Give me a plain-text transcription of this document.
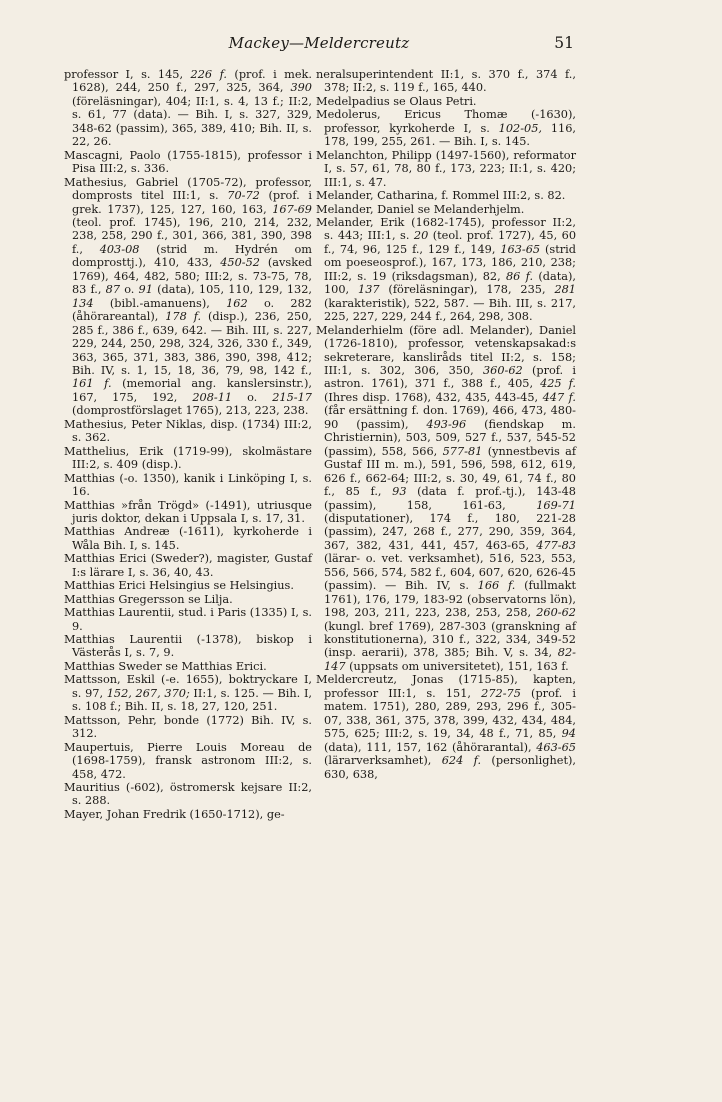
Mackey—Meldercreutz	51
professor I, s. 145, 226 f. (prof. i mek. 1628), 244, 250 f., 297, 325, 364, 390 (föreläsningar), 404; II:1, s. 4, 13 f.; II:2, s. 61, 77 (data). — Bih. I, s. 327, 329, 348-62 (passim), 365, 389, 410; Bih. II, s. 22, 26.
Mascagni, Paolo (1755-1815), professor i Pisa III:2, s. 336.
Mathesius, Gabriel (1705-72), professor, domprosts titel III:1, s. 70-72 (prof. i grek. 1737), 125, 127, 160, 163, 167-69 (teol. prof. 1745), 196, 210, 214, 232, 238, 258, 290 f., 301, 366, 381, 390, 398 f., 403-08 (strid m. Hydrén om domprosttj.), 410, 433, 450-52 (avsked 1769), 464, 482, 580; III:2, s. 73-75, 78, 83 f., 87 o. 91 (data), 105, 110, 129, 132, 134 (bibl.-amanuens), 162 o. 282 (åhörareantal), 178 f. (disp.), 236, 250, 285 f., 386 f., 639, 642. — Bih. III, s. 227, 229, 244, 250, 298, 324, 326, 330 f., 349, 363, 365, 371, 383, 386, 390, 398, 412; Bih. IV, s. 1, 15, 18, 36, 79, 98, 142 f., 161 f. (memorial ang. kanslersinstr.), 167, 175, 192, 208-11 o. 215-17 (domprostförslaget 1765), 213, 223, 238.
Mathesius, Peter Niklas, disp. (1734) III:2, s. 362.
Matthelius, Erik (1719-99), skolmästare III:2, s. 409 (disp.).
Matthias (-o. 1350), kanik i Linköping I, s. 16.
Matthias »från Trögd» (-1491), utriusque juris doktor, dekan i Uppsala I, s. 17, 31.
Matthias Andreæ (-1611), kyrkoherde i Wåla Bih. I, s. 145.
Matthias Erici (Sweder?), magister, Gustaf I:s lärare I, s. 36, 40, 43.
Matthias Erici Helsingius se Helsingius.
Matthias Gregersson se Lilja.
Matthias Laurentii, stud. i Paris (1335) I, s. 9.
Matthias Laurentii (-1378), biskop i Västerås I, s. 7, 9.
Matthias Sweder se Matthias Erici.
Mattsson, Eskil (-e. 1655), boktryckare I, s. 97, 152, 267, 370; II:1, s. 125. — Bih. I, s. 108 f.; Bih. II, s. 18, 27, 120, 251.
Mattsson, Pehr, bonde (1772) Bih. IV, s. 312.
Maupertuis, Pierre Louis Moreau de (1698-1759), fransk astronom III:2, s. 458, 472.
Mauritius (-602), östromersk kejsare II:2, s. 288.
Mayer, Johan Fredrik (1650-1712), ge-
neralsuperintendent II:1, s. 370 f., 374 f., 378; II:2, s. 119 f., 165, 440.
Medelpadius se Olaus Petri.
Medolerus, Ericus Thomæ (-1630), professor, kyrkoherde I, s. 102-05, 116, 178, 199, 255, 261. — Bih. I, s. 145.
Melanchton, Philipp (1497-1560), reformator I, s. 57, 61, 78, 80 f., 173, 223; II:1, s. 420; III:1, s. 47.
Melander, Catharina, f. Rommel III:2, s. 82.
Melander, Daniel se Melanderhjelm.
Melander, Erik (1682-1745), professor II:2, s. 443; III:1, s. 20 (teol. prof. 1727), 45, 60 f., 74, 96, 125 f., 129 f., 149, 163-65 (strid om poeseosprof.), 167, 173, 186, 210, 238; III:2, s. 19 (riksdagsman), 82, 86 f. (data), 100, 137 (föreläsningar), 178, 235, 281 (karakteristik), 522, 587. — Bih. III, s. 217, 225, 227, 229, 244 f., 264, 298, 308.
Melanderhielm (före adl. Melander), Daniel (1726-1810), professor, vetenskapsakad:s sekreterare, kansliråds titel II:2, s. 158; III:1, s. 302, 306, 350, 360-62 (prof. i astron. 1761), 371 f., 388 f., 405, 425 f. (Ihres disp. 1768), 432, 435, 443-45, 447 f. (får ersättning f. don. 1769), 466, 473, 480-90 (passim), 493-96 (fiendskap m. Christiernin), 503, 509, 527 f., 537, 545-52 (passim), 558, 566, 577-81 (ynnestbevis af Gustaf III m. m.), 591, 596, 598, 612, 619, 626 f., 662-64; III:2, s. 30, 49, 61, 74 f., 80 f., 85 f., 93 (data f. prof.-tj.), 143-48 (passim), 158, 161-63, 169-71 (disputationer), 174 f., 180, 221-28 (passim), 247, 268 f., 277, 290, 359, 364, 367, 382, 431, 441, 457, 463-65, 477-83 (lärar- o. vet. verksamhet), 516, 523, 553, 556, 566, 574, 582 f., 604, 607, 620, 626-45 (passim). — Bih. IV, s. 166 f. (fullmakt 1761), 176, 179, 183-92 (observatorns lön), 198, 203, 211, 223, 238, 253, 258, 260-62 (kungl. bref 1769), 287-303 (granskning af konstitutionerna), 310 f., 322, 334, 349-52 (insp. aerarii), 378, 385; Bih. V, s. 34, 82-147 (uppsats om universitetet), 151, 163 f.
Meldercreutz, Jonas (1715-85), kapten, professor III:1, s. 151, 272-75 (prof. i matem. 1751), 280, 289, 293, 296 f., 305-07, 338, 361, 375, 378, 399, 432, 434, 484, 575, 625; III:2, s. 19, 34, 48 f., 71, 85, 94 (data), 111, 157, 162 (åhörarantal), 463-65 (lärarverksamhet), 624 f. (personlighet), 630, 638,
